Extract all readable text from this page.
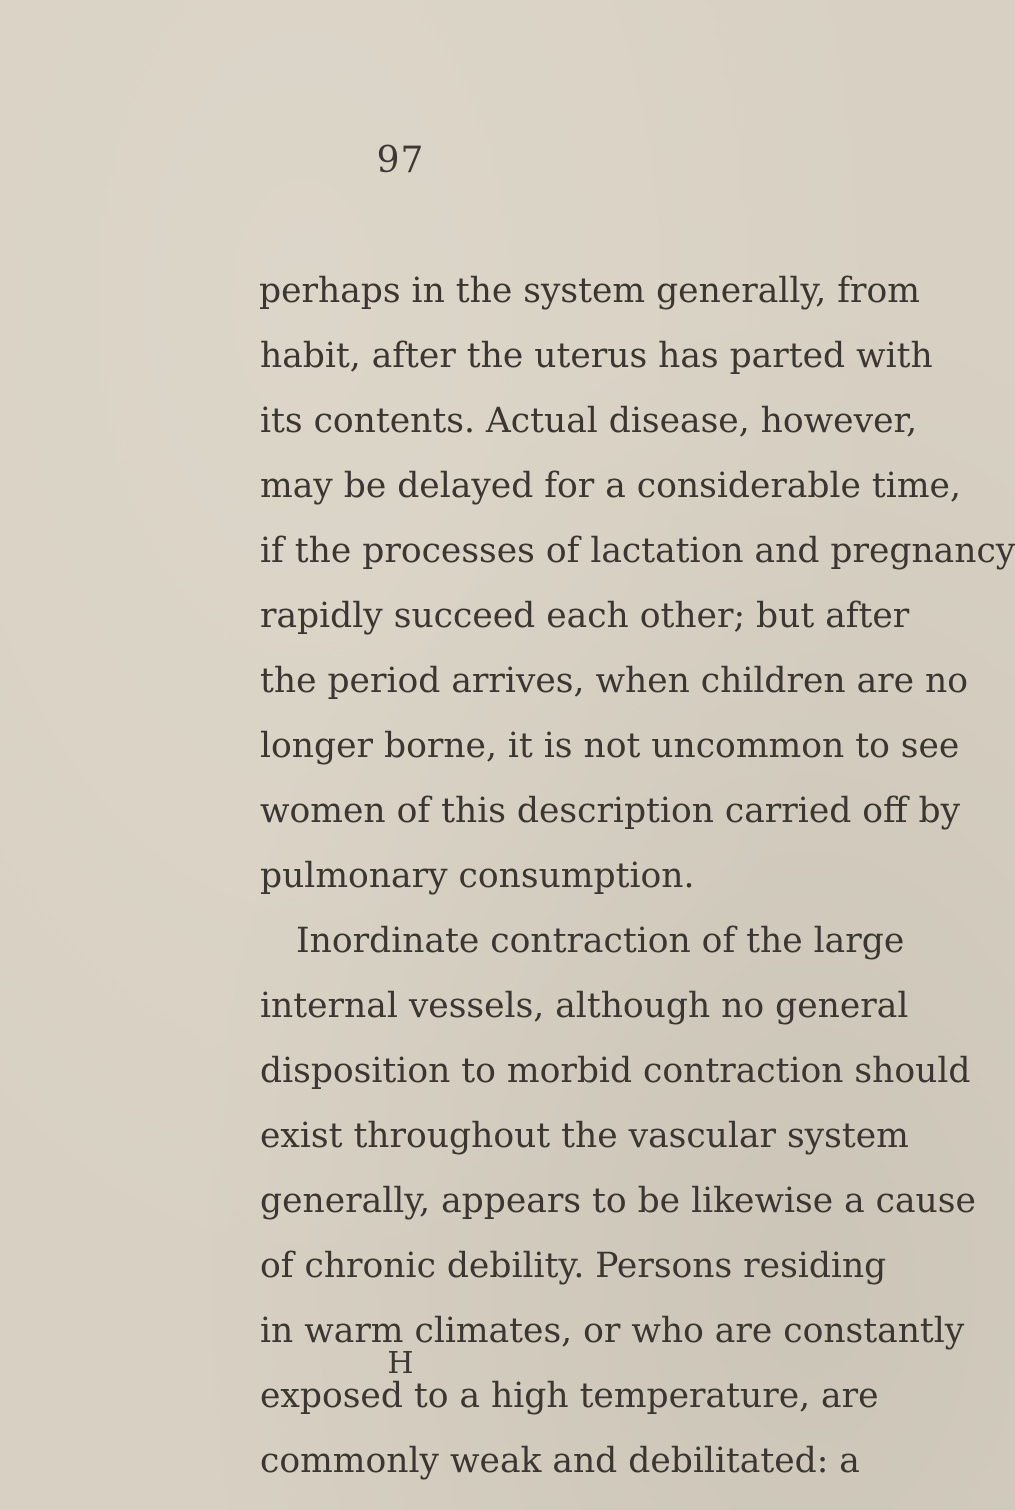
97
perhaps in the system generally, from
habit, after the uterus has parted with
its contents. Actual disease, however,
may be delayed for a considerable time,
if the processes of lactation and pregnancy
rapidly succeed each other; but after
the period arrives, when children are no
longer borne, it is not uncommon to see
women of this description carried off by
pulmonary consumption.
Inordinate contraction of the large
internal vessels, although no general
disposition to morbid contraction should
exist throughout the vascular system
generally, appears to be likewise a cause
of chronic debility. Persons residing
in warm climates, or who are constantly
exposed to a high temperature, are
commonly weak and debilitated: a
H
